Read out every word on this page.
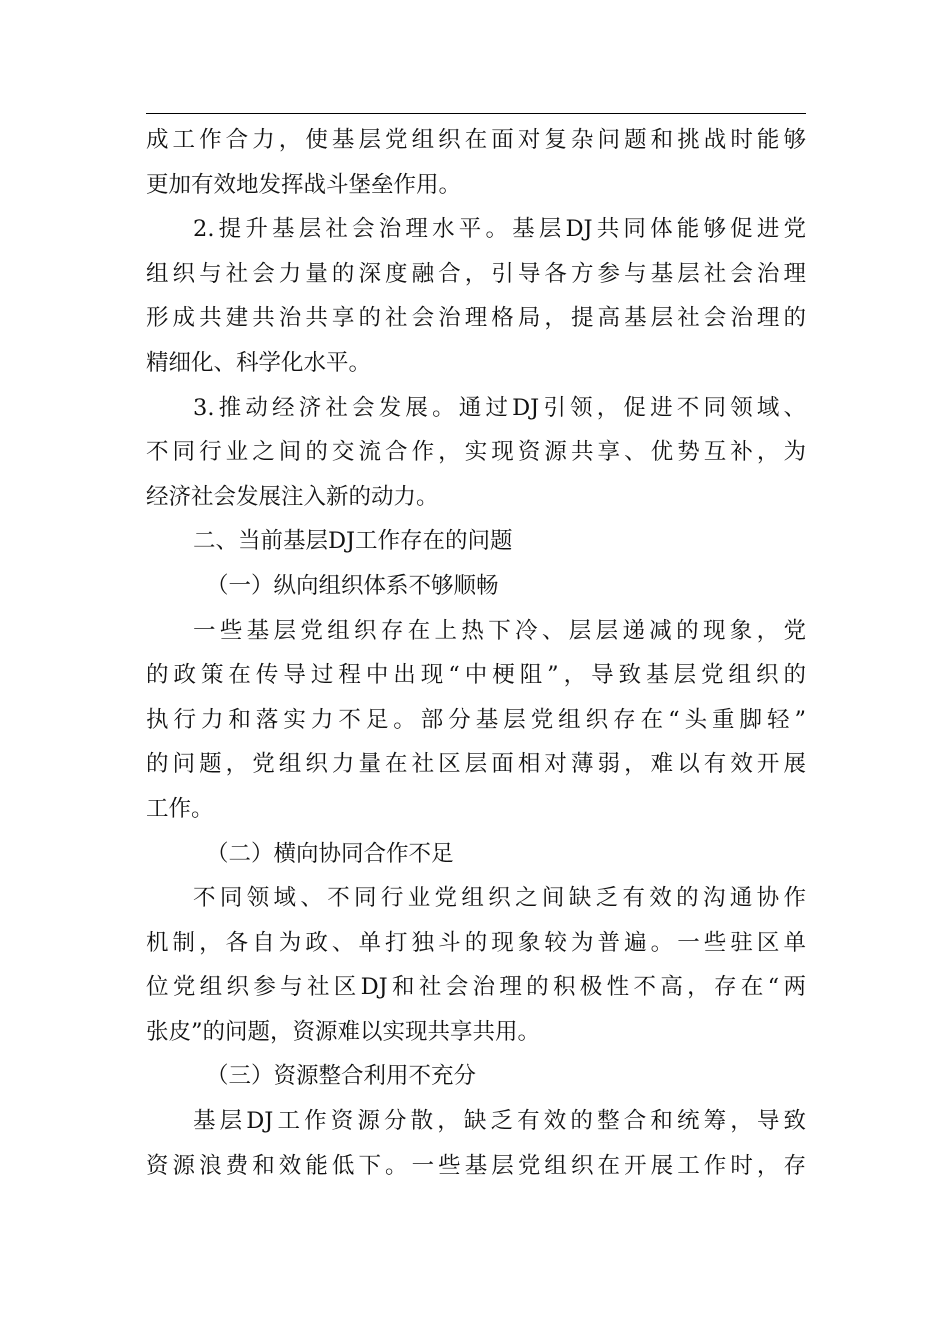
成工作合力，使基层党组织在面对复杂问题和挑战时能够
更加有效地发挥战斗堡垒作用。
2.提升基层社会治理水平。基层DJ共同体能够促进党
组织与社会力量的深度融合，引导各方参与基层社会治理
形成共建共治共享的社会治理格局，提高基层社会治理的
精细化、科学化水平。
3.推动经济社会发展。通过DJ引领，促进不同领域、
不同行业之间的交流合作，实现资源共享、优势互补，为
经济社会发展注入新的动力。
二、当前基层DJ工作存在的问题
（一）纵向组织体系不够顺畅
一些基层党组织存在上热下冷、层层递减的现象，党
的政策在传导过程中出现“中梗阻”，导致基层党组织的
执行力和落实力不足。部分基层党组织存在“头重脚轻”
的问题，党组织力量在社区层面相对薄弱，难以有效开展
工作。
（二）横向协同合作不足
不同领域、不同行业党组织之间缺乏有效的沟通协作
机制，各自为政、单打独斗的现象较为普遍。一些驻区单
位党组织参与社区DJ和社会治理的积极性不高，存在“两
张皮”的问题，资源难以实现共享共用。
（三）资源整合利用不充分
基层DJ工作资源分散，缺乏有效的整合和统筹，导致
资源浪费和效能低下。一些基层党组织在开展工作时，存
